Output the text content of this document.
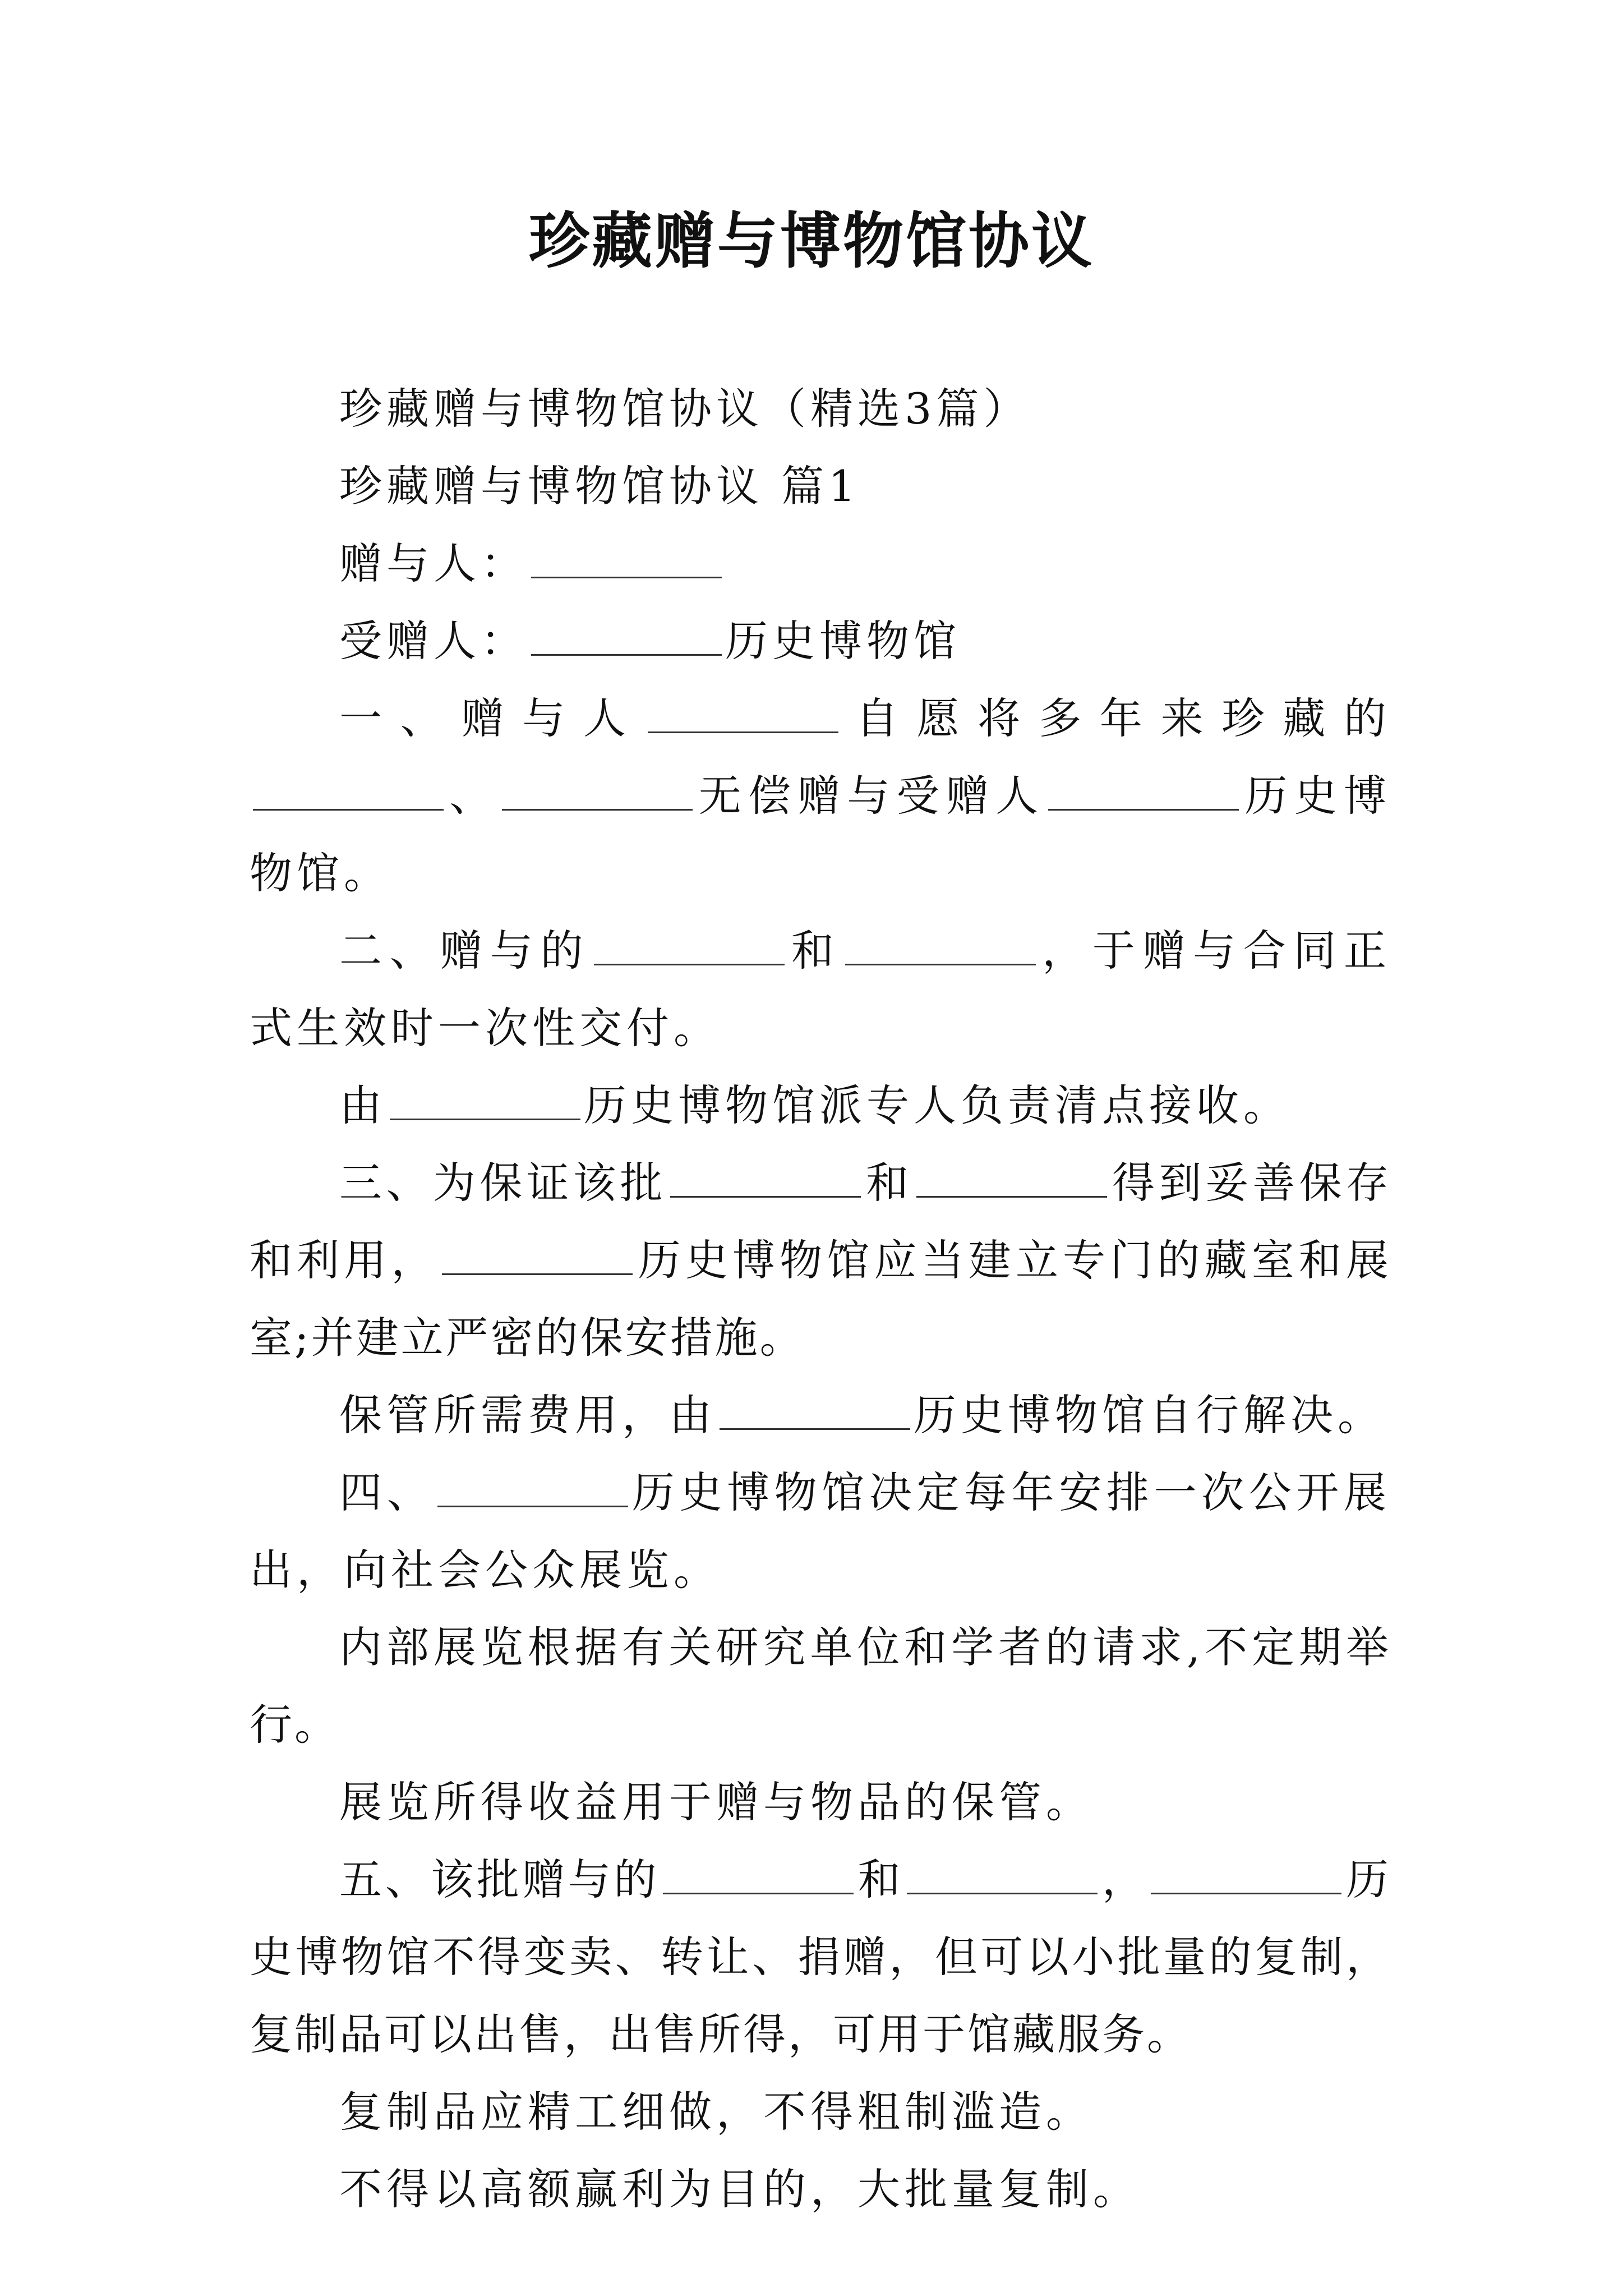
珍藏赠与博物馆协议

珍藏赠与博物馆协议（精选3篇）

珍藏赠与博物馆协议 篇1

赠与人：

受赠人：	历史博物馆

一、赠与人	自愿将多年来珍藏的、	无偿赠与受赠人	历史博物馆。

二、赠与的	和	，于赠与合同正式生效时一次性交付。

由	历史博物馆派专人负责清点接收。

三、为保证该批	和	得到妥善保存和利用，	历史博物馆应当建立专门的藏室和展室;并建立严密的保安措施。

保管所需费用，由	历史博物馆自行解决。

四、	历史博物馆决定每年安排一次公开展出，向社会公众展览。

内部展览根据有关研究单位和学者的请求,不定期举行。

展览所得收益用于赠与物品的保管。

五、该批赠与的	和	，	历史博物馆不得变卖、转让、捐赠，但可以小批量的复制，复制品可以出售，出售所得，可用于馆藏服务。

复制品应精工细做，不得粗制滥造。

不得以高额赢利为目的，大批量复制。
